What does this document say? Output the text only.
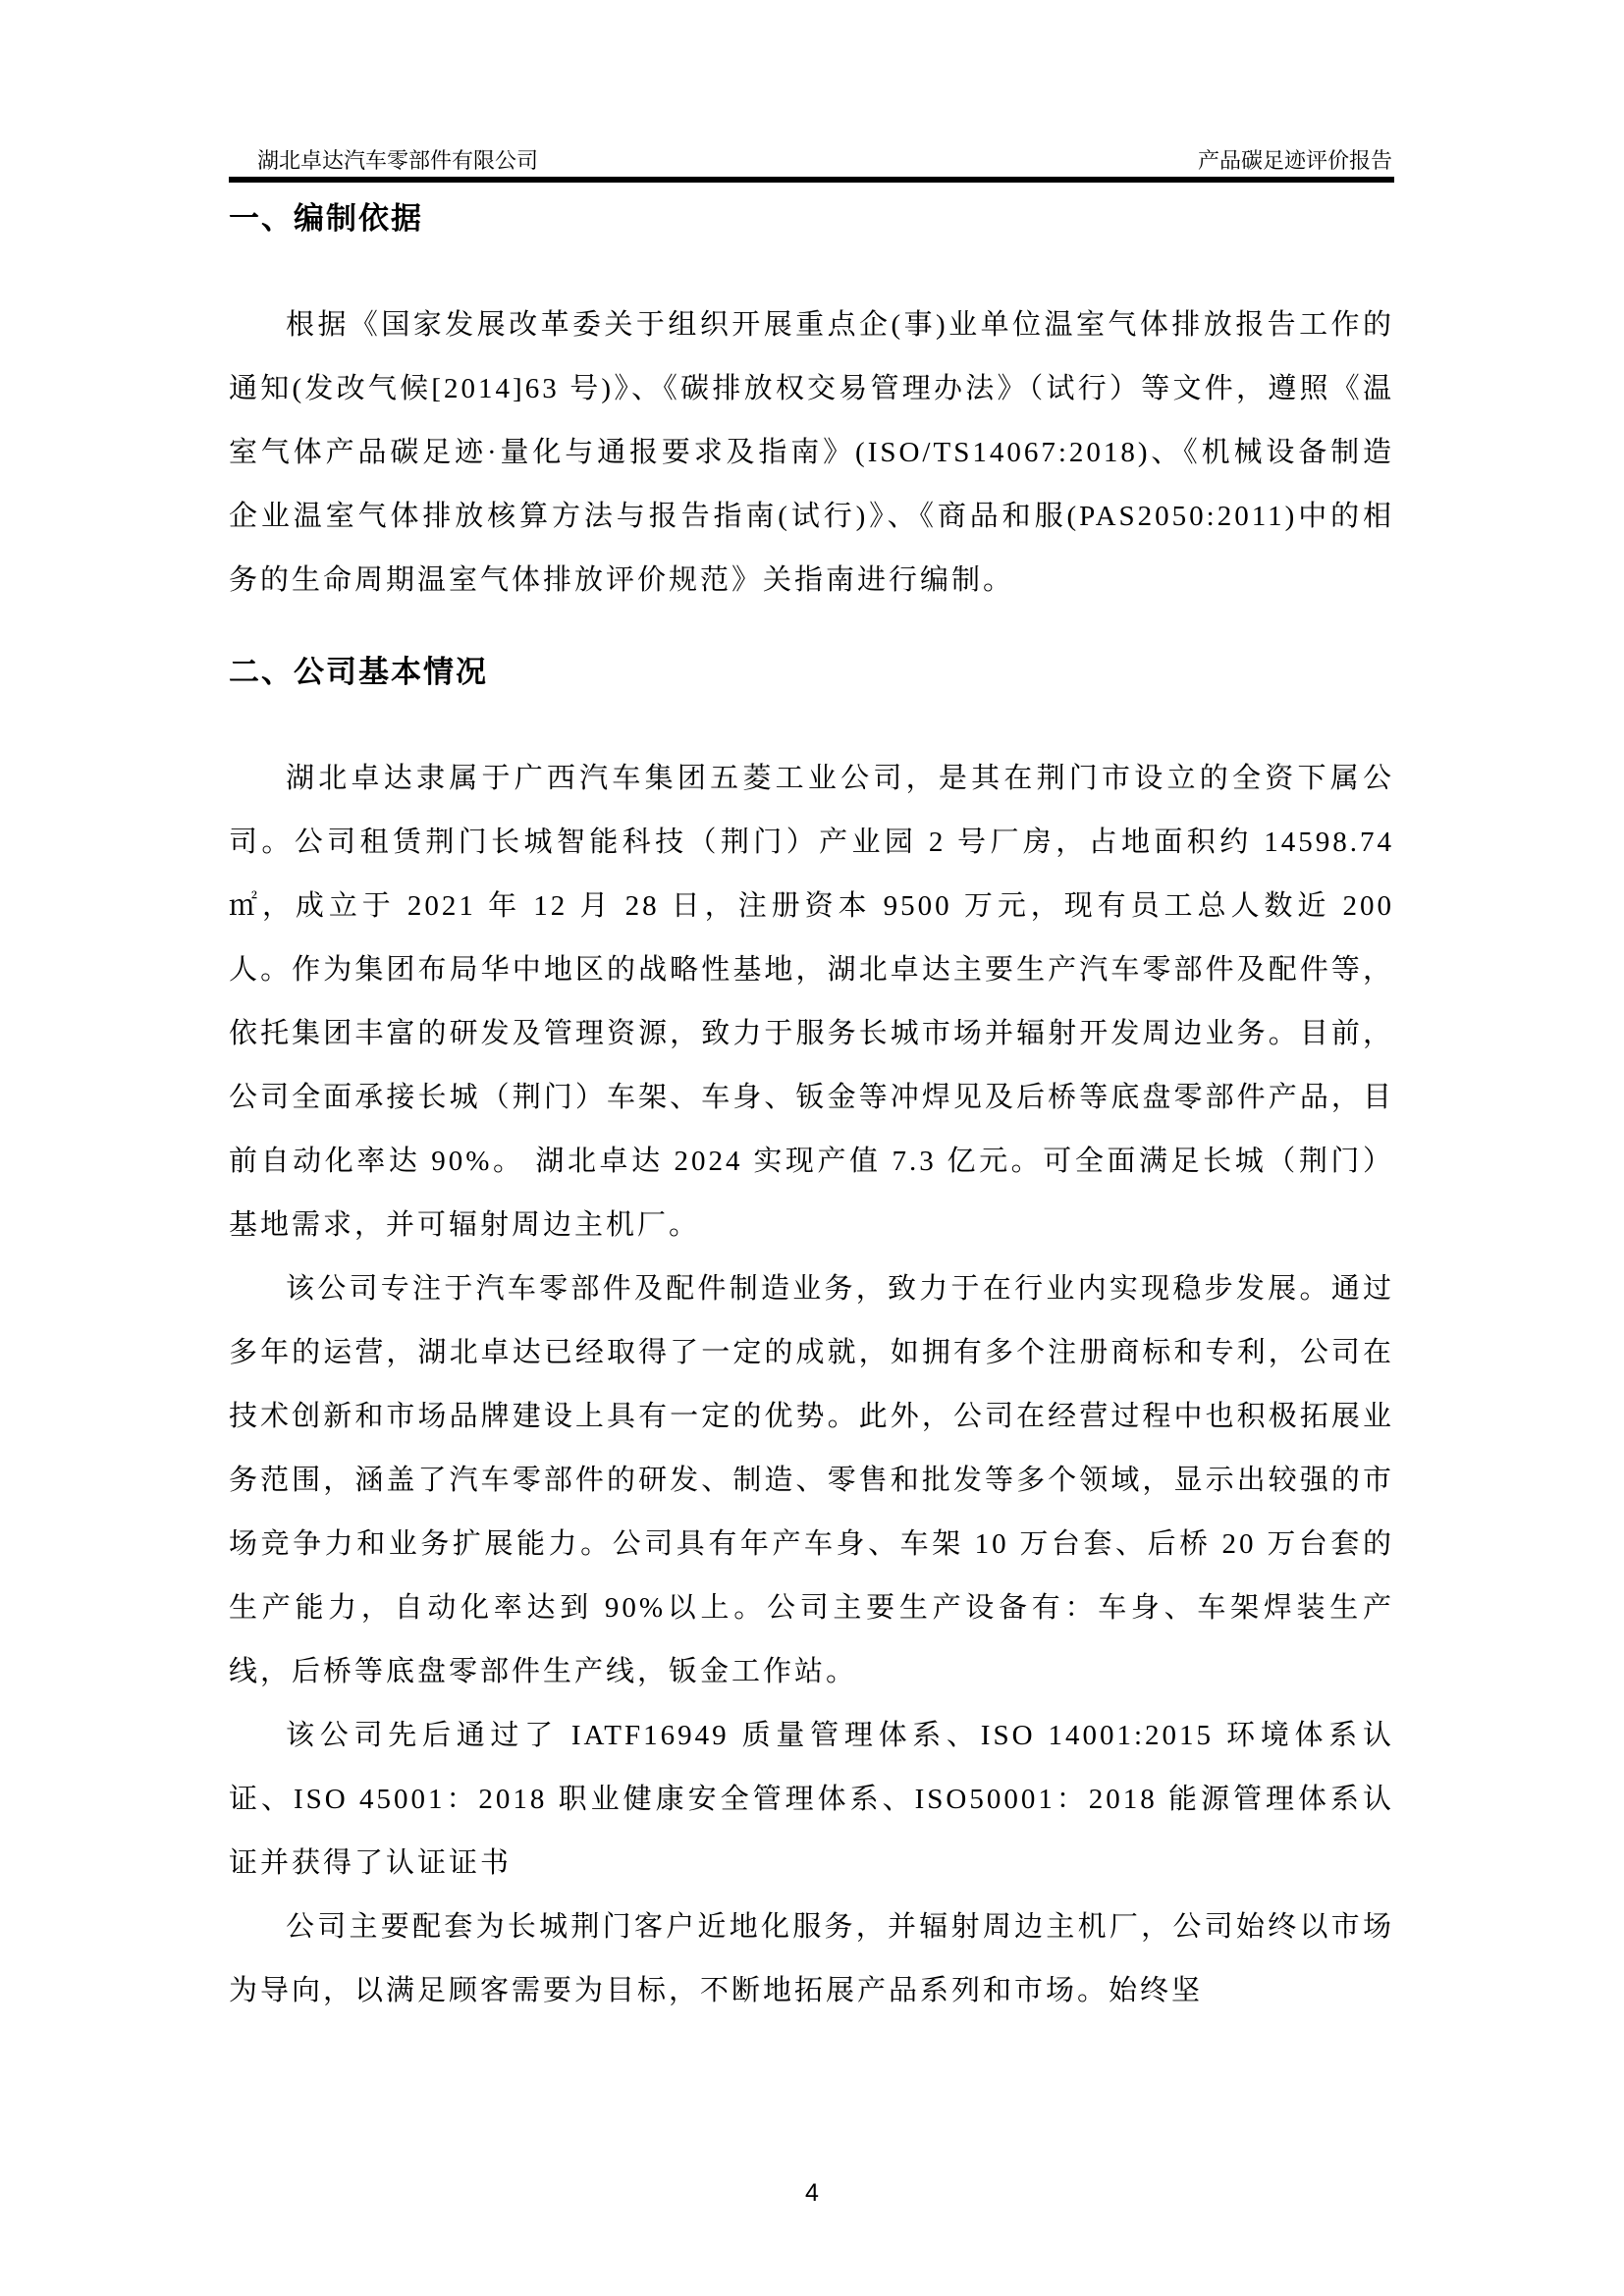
湖北卓达汽车零部件有限公司	产品碳足迹评价报告
一、编制依据

根据《国家发展改革委关于组织开展重点企(事)业单位温室气体排放报告工作的通知(发改气候[2014]63 号)》、《碳排放权交易管理办法》（试行）等文件，遵照《温室气体产品碳足迹·量化与通报要求及指南》(ISO/TS14067:2018)、《机械设备制造企业温室气体排放核算方法与报告指南(试行)》、《商品和服(PAS2050:2011)中的相务的生命周期温室气体排放评价规范》关指南进行编制。

二、公司基本情况

湖北卓达隶属于广西汽车集团五菱工业公司，是其在荆门市设立的全资下属公司。公司租赁荆门长城智能科技（荆门）产业园 2 号厂房，占地面积约 14598.74 ㎡，成立于 2021 年 12 月 28 日，注册资本 9500 万元，现有员工总人数近 200 人。作为集团布局华中地区的战略性基地，湖北卓达主要生产汽车零部件及配件等，依托集团丰富的研发及管理资源，致力于服务长城市场并辐射开发周边业务。目前，公司全面承接长城（荆门）车架、车身、钣金等冲焊见及后桥等底盘零部件产品，目前自动化率达 90%。 湖北卓达 2024 实现产值 7.3 亿元。可全面满足长城（荆门）基地需求，并可辐射周边主机厂。

该公司专注于汽车零部件及配件制造业务，致力于在行业内实现稳步发展。通过多年的运营，湖北卓达已经取得了一定的成就，如拥有多个注册商标和专利，公司在技术创新和市场品牌建设上具有一定的优势。此外，公司在经营过程中也积极拓展业务范围，涵盖了汽车零部件的研发、制造、零售和批发等多个领域，显示出较强的市场竞争力和业务扩展能力。公司具有年产车身、车架 10 万台套、后桥 20 万台套的生产能力，自动化率达到 90%以上。公司主要生产设备有：车身、车架焊装生产线，后桥等底盘零部件生产线，钣金工作站。

该公司先后通过了 IATF16949 质量管理体系、ISO 14001:2015 环境体系认证、ISO 45001：2018 职业健康安全管理体系、ISO50001：2018 能源管理体系认证并获得了认证证书

公司主要配套为长城荆门客户近地化服务，并辐射周边主机厂，公司始终以市场为导向，以满足顾客需要为目标，不断地拓展产品系列和市场。始终坚

4
